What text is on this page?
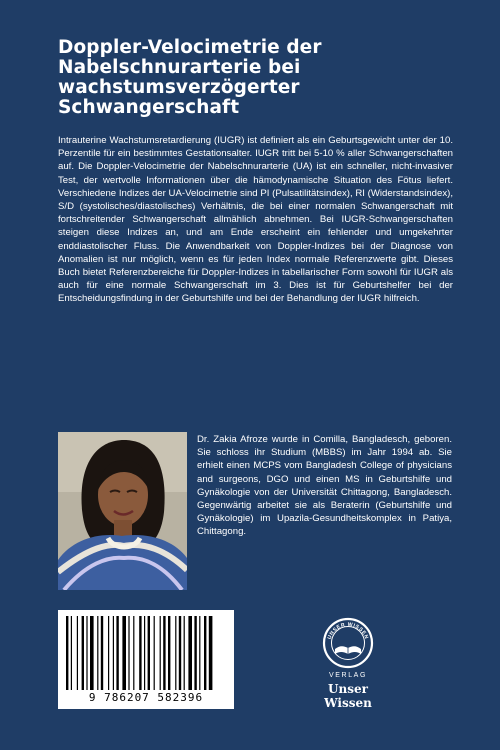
Doppler-Velocimetrie der
Nabelschnurarterie bei
wachstumsverzögerter
Schwangerschaft

Intrauterine Wachstumsretardierung (IUGR) ist definiert als ein Geburtsgewicht unter der 10. Perzentile für ein bestimmtes Gestationsalter. IUGR tritt bei 5-10 % aller Schwangerschaften auf. Die Doppler-Velocimetrie der Nabelschnurarterie (UA) ist ein schneller, nicht-invasiver Test, der wertvolle Informationen über die hämodynamische Situation des Fötus liefert. Verschiedene Indizes der UA-Velocimetrie sind PI (Pulsatilitätsindex), RI (Widerstandsindex), S/D (systolisches/diastolisches) Verhältnis, die bei einer normalen Schwangerschaft mit fortschreitender Schwangerschaft allmählich abnehmen. Bei IUGR-Schwangerschaften steigen diese Indizes an, und am Ende erscheint ein fehlender und umgekehrter enddiastolischer Fluss. Die Anwendbarkeit von Doppler-Indizes bei der Diagnose von Anomalien ist nur möglich, wenn es für jeden Index normale Referenzwerte gibt. Dieses Buch bietet Referenzbereiche für Doppler-Indizes in tabellarischer Form sowohl für IUGR als auch für eine normale Schwangerschaft im 3. Dies ist für Geburtshelfer bei der Entscheidungsfindung in der Geburtshilfe und bei der Behandlung der IUGR hilfreich.

Dr. Zakia Afroze wurde in Comilla, Bangladesch, geboren. Sie schloss ihr Studium (MBBS) im Jahr 1994 ab. Sie erhielt einen MCPS vom Bangladesh College of physicians and surgeons, DGO und einen MS in Geburtshilfe und Gynäkologie von der Universität Chittagong, Bangladesch. Gegenwärtig arbeitet sie als Beraterin (Geburtshilfe und Gynäkologie) im Upazila-Gesundheitskomplex in Patiya, Chittagong.

9 786207 582396
UNSER WISSEN
VERLAG
Unser Wissen
